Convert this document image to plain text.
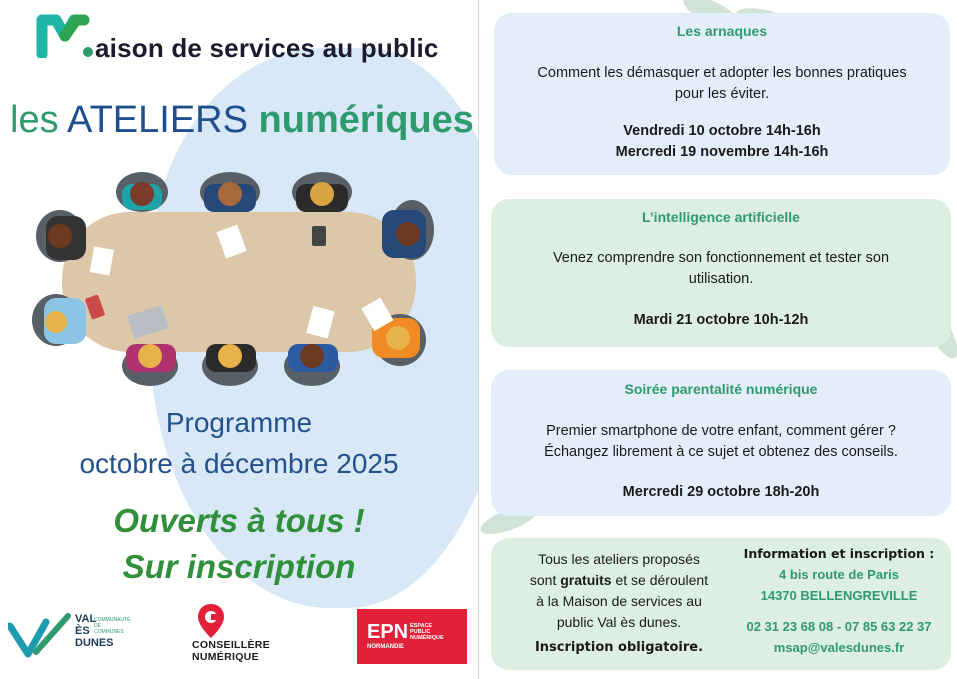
aison de services au public
les ATELIERS numériques
Programme
octobre à décembre 2025
Ouverts à tous !
Sur inscription
VAL
ÈS
DUNES
COMMUNAUTÉ DE COMMUNES
CONSEILLÈRE
NUMÉRIQUE
EPN ESPACE
PUBLIC
NUMÉRIQUE
NORMANDIE
Les arnaques
Comment les démasquer et adopter les bonnes pratiques
pour les éviter.
Vendredi 10 octobre 14h-16h
Mercredi 19 novembre 14h-16h
L’intelligence artificielle
Venez comprendre son fonctionnement et tester son
utilisation.
Mardi 21 octobre 10h-12h
Soirée parentalité numérique
Premier smartphone de votre enfant, comment gérer ?
Échangez librement à ce sujet et obtenez des conseils.
Mercredi 29 octobre 18h-20h
Tous les ateliers proposés
sont gratuits et se déroulent
à la Maison de services au
public Val ès dunes.
Inscription obligatoire.
Information et inscription :
4 bis route de Paris
14370 BELLENGREVILLE
02 31 23 68 08 - 07 85 63 22 37
msap@valesdunes.fr
